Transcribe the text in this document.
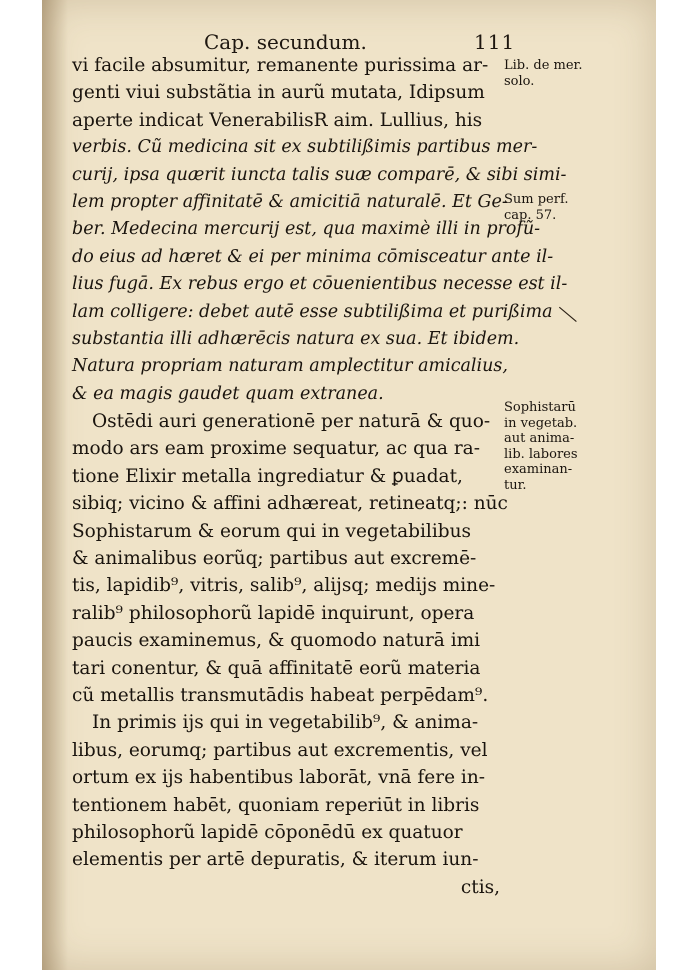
Cap. secundum.	111
vi facile absumitur, remanente purissima ar-
genti viui substãtia in aurũ mutata, Idipsum
aperte indicat VenerabilisR aim. Lullius, his
verbis. Cũ medicina sit ex subtilißimis partibus mer-
curij, ipsa quærit iuncta talis suæ comparē, & sibi simi-
lem propter affinitatē & amicitiā naturalē. Et Ge-
ber. Medecina mercurij est, qua maximè illi in profũ-
do eius ad hæret & ei per minima cōmisceatur ante il-
lius fugā. Ex rebus ergo et cōuenientibus necesse est il-
lam colligere: debet autē esse subtilißima et purißima
substantia illi adhærēcis natura ex sua. Et ibidem.
Natura propriam naturam amplectitur amicalius,
& ea magis gaudet quam extranea.
Ostēdi auri generationē per naturā & quo-
modo ars eam proxime sequatur, ac qua ra-
tione Elixir metalla ingrediatur & ꝑuadat,
sibiq; vicino & affini adhæreat, retineatq;: nūc
Sophistarum & eorum qui in vegetabilibus
& animalibus eorũq; partibus aut excremē-
tis, lapidib⁹, vitris, salib⁹, alijsq; medijs mine-
ralib⁹ philosophorũ lapidē inquirunt, opera
paucis examinemus, & quomodo naturā imi
tari conentur, & quā affinitatē eorũ materia
cũ metallis transmutādis habeat perpēdam⁹.
In primis ijs qui in vegetabilib⁹, & anima-
libus, eorumq; partibus aut excrementis, vel
ortum ex ijs habentibus laborāt, vnā fere in-
tentionem habēt, quoniam reperiūt in libris
philosophorũ lapidē cōponēdū ex quatuor
elementis per artē depuratis, & iterum iun-
ctis,
Lib. de mer.
solo.
Sum perf.
cap. 57.
Sophistarū
in vegetab.
aut anima-
lib. labores
examinan-
tur.
—
